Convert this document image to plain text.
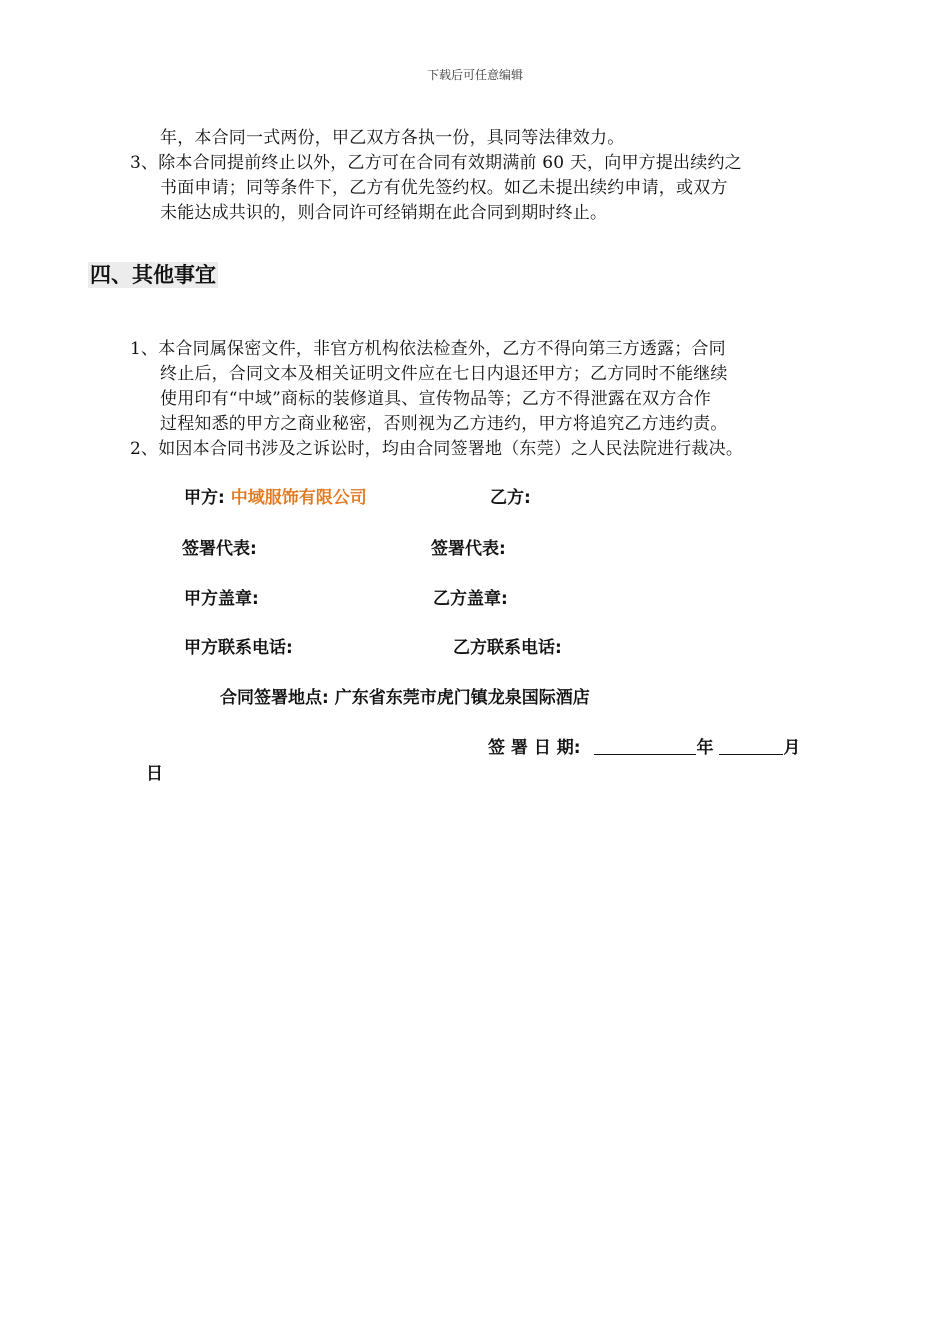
下载后可任意编辑

年，本合同一式两份，甲乙双方各执一份，具同等法律效力。

3、除本合同提前终止以外，乙方可在合同有效期满前 60 天，向甲方提出续约之

书面申请；同等条件下，乙方有优先签约权。如乙未提出续约申请，或双方

未能达成共识的，则合同许可经销期在此合同到期时终止。

四、其他事宜

1、本合同属保密文件，非官方机构依法检查外，乙方不得向第三方透露；合同

终止后，合同文本及相关证明文件应在七日内退还甲方；乙方同时不能继续

使用印有“中域”商标的装修道具、宣传物品等；乙方不得泄露在双方合作

过程知悉的甲方之商业秘密，否则视为乙方违约，甲方将追究乙方违约责。

2、如因本合同书涉及之诉讼时，均由合同签署地（东莞）之人民法院进行裁决。

甲方: 中域服饰有限公司	乙方:
签署代表:	签署代表:
甲方盖章:	乙方盖章:
甲方联系电话:	乙方联系电话:
合同签署地点: 广东省东莞市虎门镇龙泉国际酒店
签 署 日 期:	年	月
日
